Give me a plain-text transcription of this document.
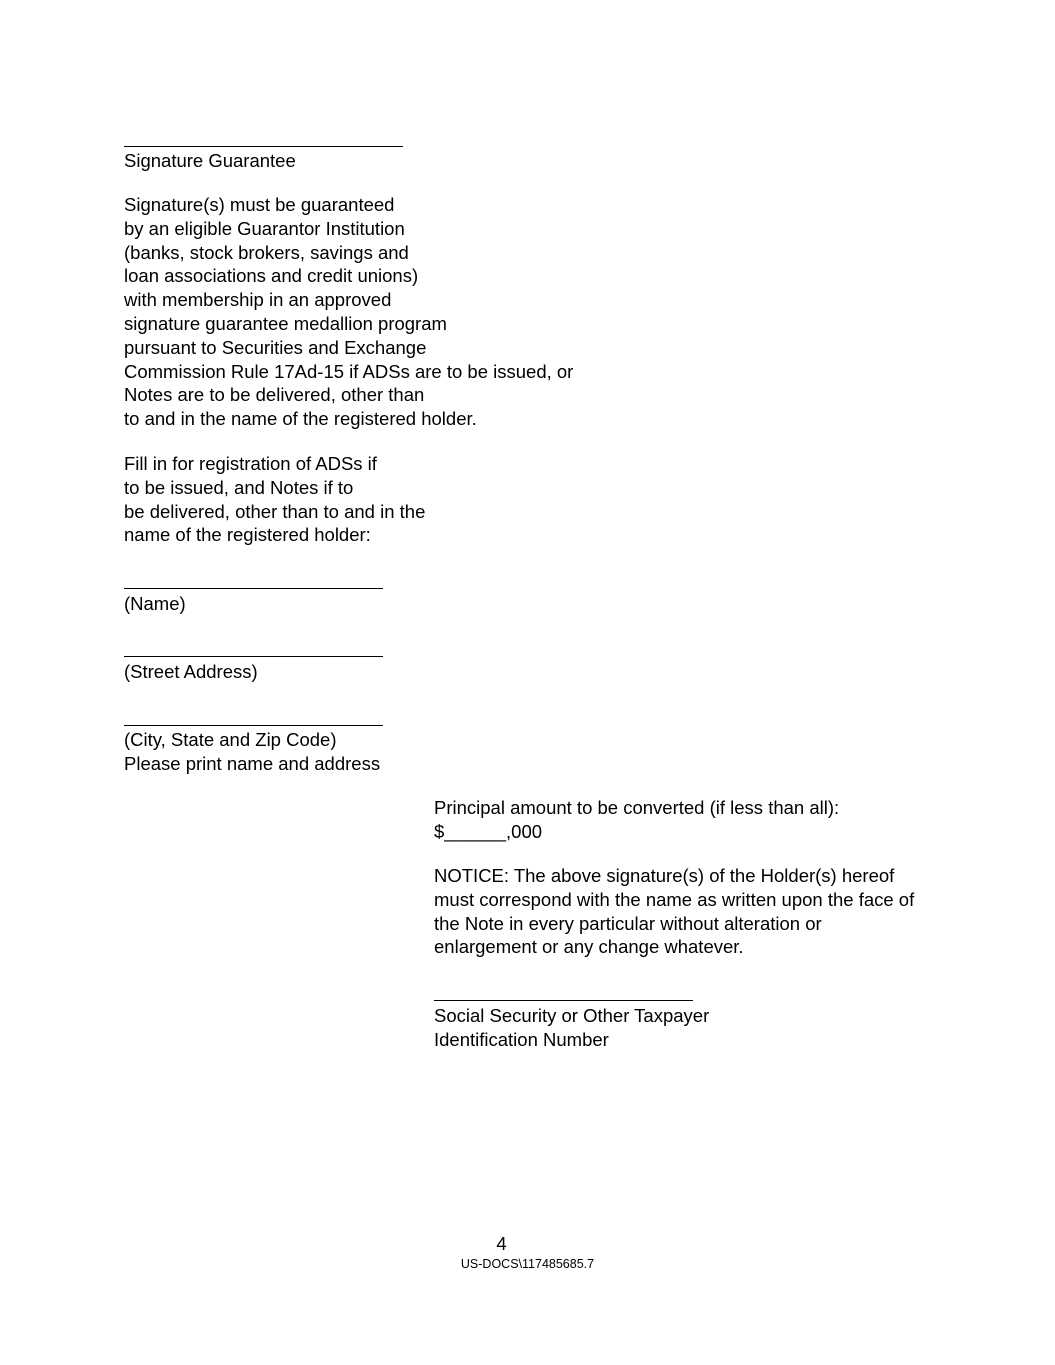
Signature Guarantee
Signature(s) must be guaranteed
by an eligible Guarantor Institution
(banks, stock brokers, savings and
loan associations and credit unions)
with membership in an approved
signature guarantee medallion program
pursuant to Securities and Exchange
Commission Rule 17Ad-15 if ADSs are to be issued, or
Notes are to be delivered, other than
to and in the name of the registered holder.
Fill in for registration of ADSs if
to be issued, and Notes if to
be delivered, other than to and in the
name of the registered holder:
(Name)
(Street Address)
(City, State and Zip Code)
Please print name and address
Principal amount to be converted (if less than all):
$______,000
NOTICE: The above signature(s) of the Holder(s) hereof
must correspond with the name as written upon the face of
the Note in every particular without alteration or
enlargement or any change whatever.
Social Security or Other Taxpayer
Identification Number
4
US-DOCS\117485685.7
